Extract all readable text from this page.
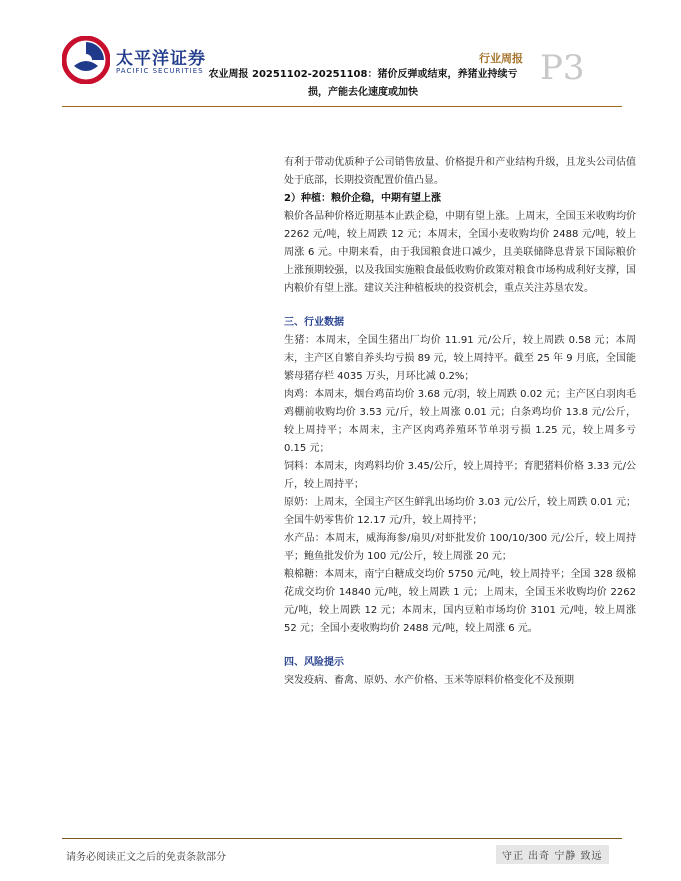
太平洋证券
PACIFIC SECURITIES
行业周报 P3
农业周报 20251102-20251108：猪价反弹或结束，养猪业持续亏
损，产能去化速度或加快

有利于带动优质种子公司销售放量、价格提升和产业结构升级，且龙头公司估值处于底部，长期投资配置价值凸显。

2）种植：粮价企稳，中期有望上涨

粮价各品种价格近期基本止跌企稳，中期有望上涨。上周末，全国玉米收购均价 2262 元/吨，较上周跌 12 元；本周末，全国小麦收购均价 2488 元/吨，较上周涨 6 元。中期来看，由于我国粮食进口减少，且美联储降息背景下国际粮价上涨预期较强，以及我国实施粮食最低收购价政策对粮食市场构成利好支撑，国内粮价有望上涨。建议关注种植板块的投资机会，重点关注苏垦农发。

三、行业数据

生猪：本周末，全国生猪出厂均价 11.91 元/公斤，较上周跌 0.58 元；本周末，主产区自繁自养头均亏损 89 元，较上周持平。截至 25 年 9 月底，全国能繁母猪存栏 4035 万头，月环比减 0.2%；

肉鸡：本周末，烟台鸡苗均价 3.68 元/羽，较上周跌 0.02 元；主产区白羽肉毛鸡棚前收购均价 3.53 元/斤，较上周涨 0.01 元；白条鸡均价 13.8 元/公斤，较上周持平；本周末，主产区肉鸡养殖环节单羽亏损 1.25 元，较上周多亏 0.15 元；

饲料：本周末，肉鸡料均价 3.45/公斤，较上周持平；育肥猪料价格 3.33 元/公斤，较上周持平；

原奶：上周末，全国主产区生鲜乳出场均价 3.03 元/公斤，较上周跌 0.01 元；全国牛奶零售价 12.17 元/升，较上周持平；

水产品：本周末，威海海参/扇贝/对虾批发价 100/10/300 元/公斤，较上周持平；鲍鱼批发价为 100 元/公斤，较上周涨 20 元；

粮棉糖：本周末，南宁白糖成交均价 5750 元/吨，较上周持平；全国 328 级棉花成交均价 14840 元/吨，较上周跌 1 元；上周末，全国玉米收购均价 2262 元/吨，较上周跌 12 元；本周末，国内豆粕市场均价 3101 元/吨，较上周涨 52 元；全国小麦收购均价 2488 元/吨，较上周涨 6 元。

四、风险提示

突发疫病、畜禽、原奶、水产价格、玉米等原料价格变化不及预期

请务必阅读正文之后的免责条款部分	守正 出奇 宁静 致远
